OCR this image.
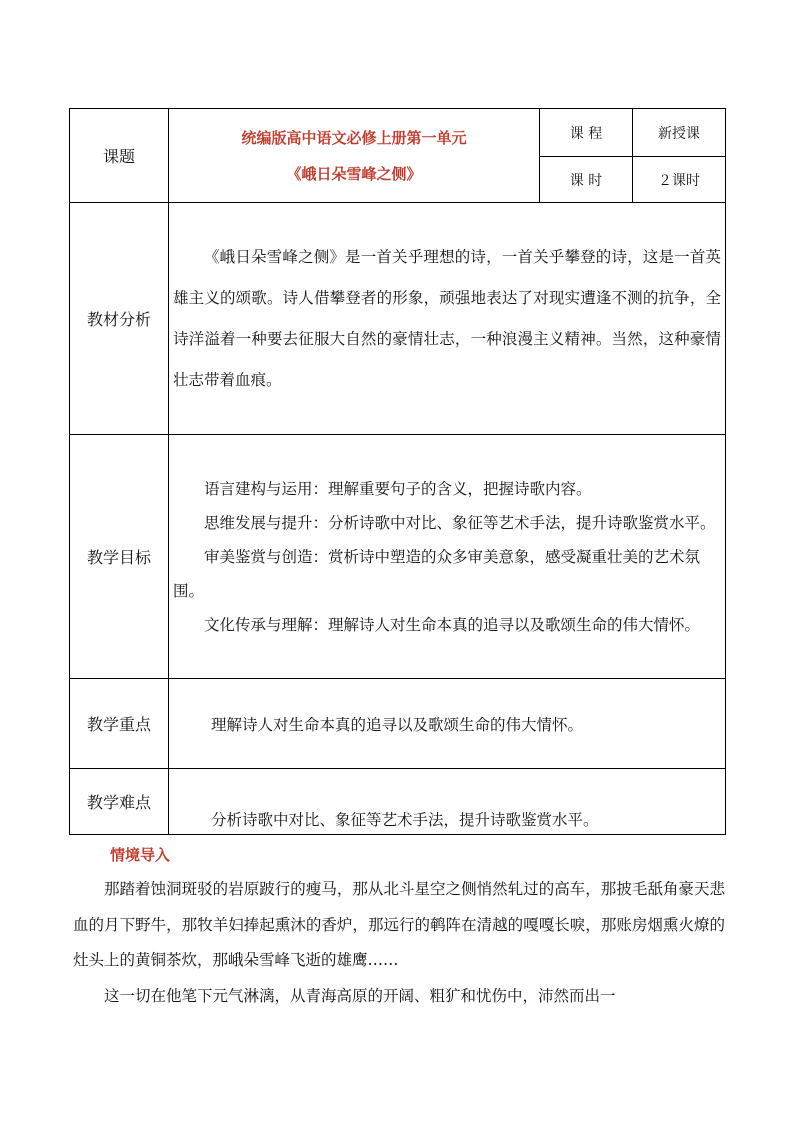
课题	统编版高中语文必修上册第一单元
《峨日朵雪峰之侧》	课 程	新授课
		课 时	２课时
教材分析	《峨日朵雪峰之侧》是一首关乎理想的诗，一首关乎攀登的诗，这是一首英雄主义的颂歌。诗人借攀登者的形象，顽强地表达了对现实遭逢不测的抗争，全诗洋溢着一种要去征服大自然的豪情壮志，一种浪漫主义精神。当然，这种豪情壮志带着血痕。		

教学目标	语言建构与运用：理解重要句子的含义，把握诗歌内容。

思维发展与提升：分析诗歌中对比、象征等艺术手法，提升诗歌鉴赏水平。

审美鉴赏与创造：赏析诗中塑造的众多审美意象，感受凝重壮美的艺术氛围。

文化传承与理解：理解诗人对生命本真的追寻以及歌颂生命的伟大情怀。		

教学重点	理解诗人对生命本真的追寻以及歌颂生命的伟大情怀。		
教学难点	分析诗歌中对比、象征等艺术手法，提升诗歌鉴赏水平。		
情境导入

那踏着蚀洞斑驳的岩原跛行的瘦马，那从北斗星空之侧悄然轧过的高车，那披毛舐角豪天悲血的月下野牛，那牧羊妇捧起熏沐的香炉，那远行的鹌阵在清越的嘎嘎长唳，那账房烟熏火燎的灶头上的黄铜茶炊，那峨朵雪峰飞逝的雄鹰……

这一切在他笔下元气淋漓，从青海高原的开阔、粗犷和忧伤中，沛然而出一
